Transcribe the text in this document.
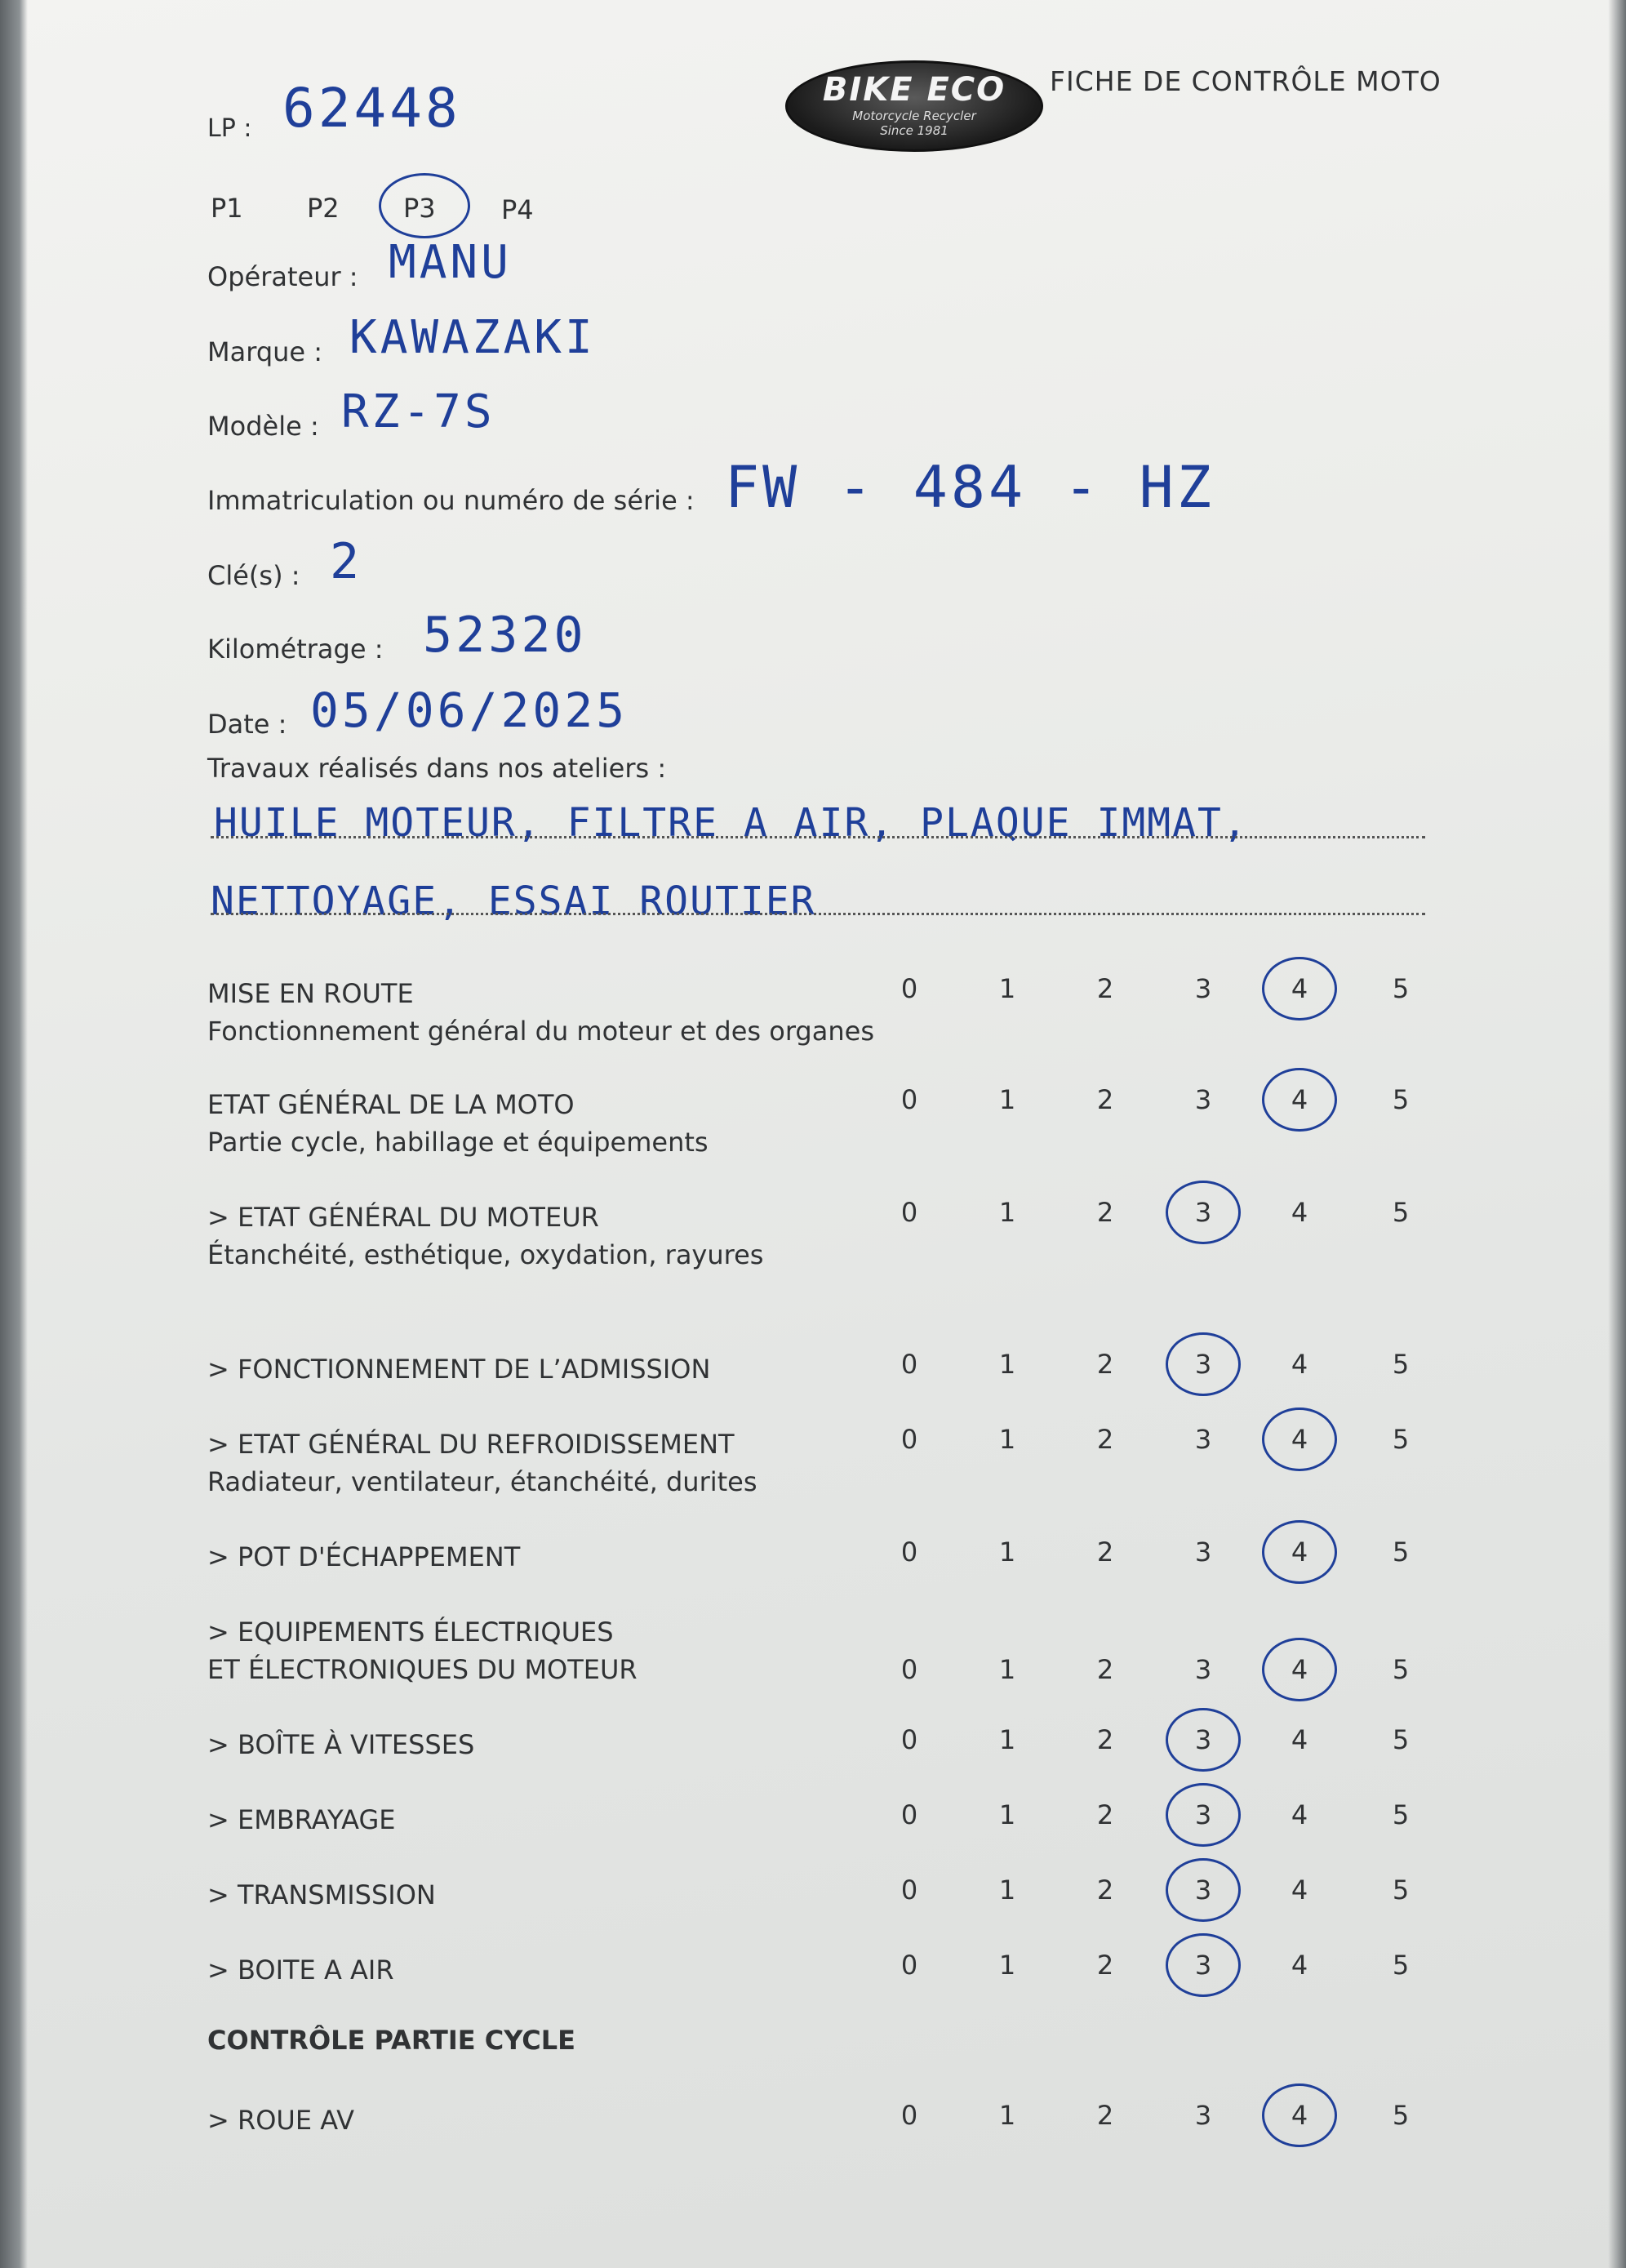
LP : 62448	BIKE ECO
Motorcycle Recycler
Since 1981
FICHE DE CONTRÔLE MOTO
P1 P2 P3	P4
Opérateur : MANU
Marque : KAWAZAKI
Modèle : RZ-7S
Immatriculation ou numéro de série : FW - 484 - HZ
Clé(s) : 2
Kilométrage : 52320
Date : 05/06/2025
Travaux réalisés dans nos ateliers :
HUILE MOTEUR, FILTRE A AIR, PLAQUE IMMAT,
NETTOYAGE, ESSAI ROUTIER
MISE EN ROUTE
Fonctionnement général du moteur et des organes
0	1	2	3	4	5
ETAT GÉNÉRAL DE LA MOTO
Partie cycle, habillage et équipements
0	1	2	3	4	5
> ETAT GÉNÉRAL DU MOTEUR
Étanchéité, esthétique, oxydation, rayures
0	1	2	3	4	5
> FONCTIONNEMENT DE L’ADMISSION	0	1	2	3	4	5
> ETAT GÉNÉRAL DU REFROIDISSEMENT
Radiateur, ventilateur, étanchéité, durites
0	1	2	3	4	5
> POT D'ÉCHAPPEMENT	0	1	2	3	4	5
> EQUIPEMENTS ÉLECTRIQUES
ET ÉLECTRONIQUES DU MOTEUR	0	1	2	3	4	5
> BOÎTE À VITESSES	0	1	2	3	4	5
> EMBRAYAGE	0	1	2	3	4	5
> TRANSMISSION	0	1	2	3	4	5
> BOITE A AIR	0	1	2	3	4	5
CONTRÔLE PARTIE CYCLE
> ROUE AV	0	1	2	3	4	5
